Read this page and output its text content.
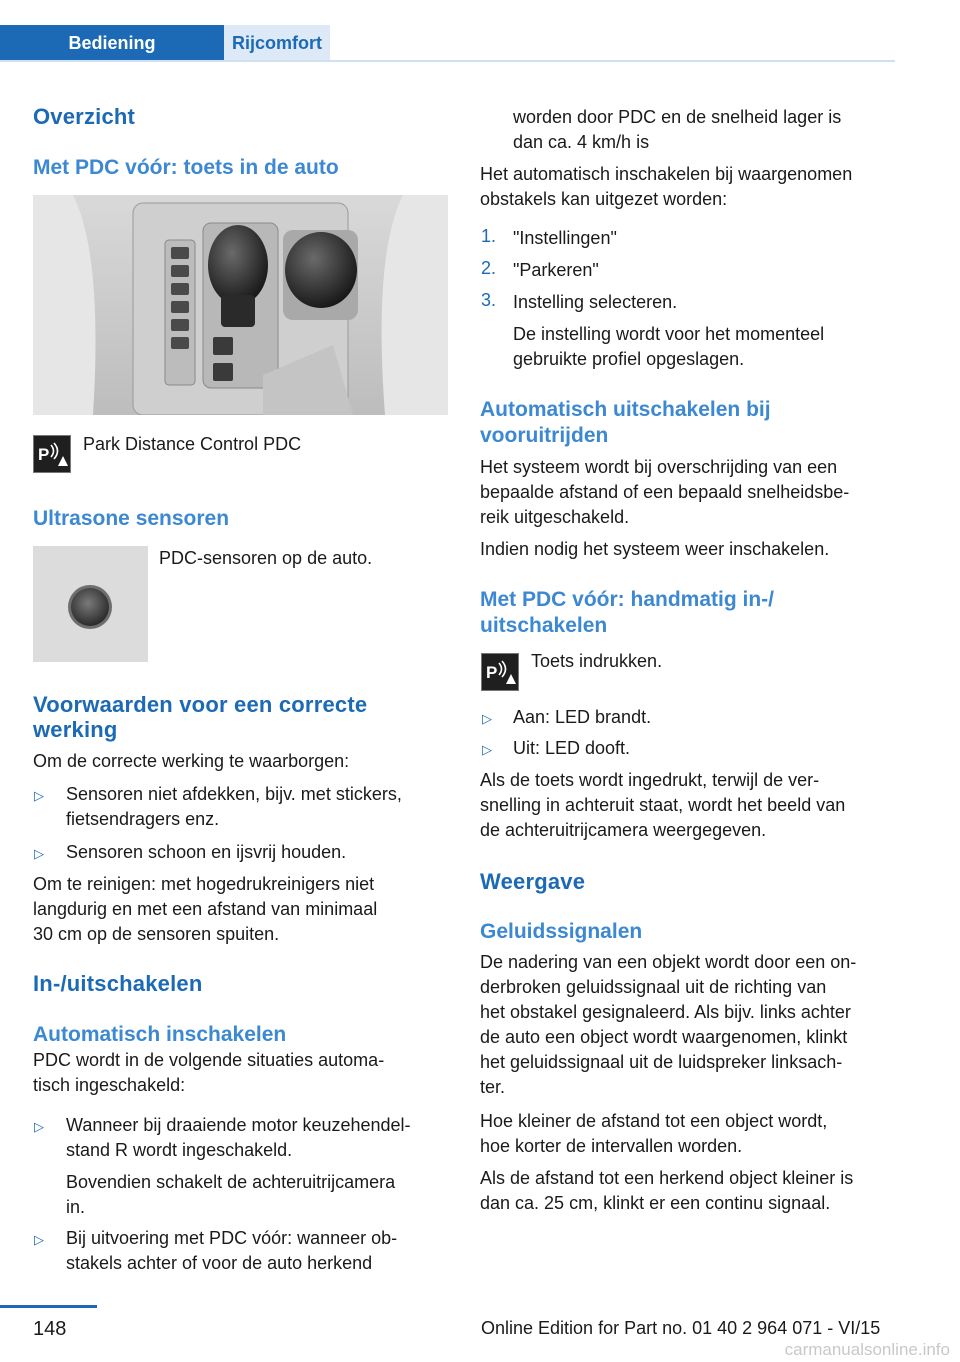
Bediening	Rijcomfort
Overzicht
Met PDC vóór: toets in de auto
P
Park Distance Control PDC
Ultrasone sensoren
PDC-sensoren op de auto.
Voorwaarden voor een correcte
werking
Om de correcte werking te waarborgen:
▷ Sensoren niet afdekken, bijv. met stickers,
fietsendragers enz.
▷ Sensoren schoon en ijsvrij houden.
Om te reinigen: met hogedrukreinigers niet
langdurig en met een afstand van minimaal
30 cm op de sensoren spuiten.
In-/uitschakelen
Automatisch inschakelen
PDC wordt in de volgende situaties automa-
tisch ingeschakeld:
▷ Wanneer bij draaiende motor keuzehendel-
stand R wordt ingeschakeld.
Bovendien schakelt de achteruitrijcamera
in.
▷ Bij uitvoering met PDC vóór: wanneer ob-
stakels achter of voor de auto herkend
worden door PDC en de snelheid lager is
dan ca. 4 km/h is
Het automatisch inschakelen bij waargenomen
obstakels kan uitgezet worden:
1. "Instellingen"
2. "Parkeren"
3. Instelling selecteren.
De instelling wordt voor het momenteel
gebruikte profiel opgeslagen.
Automatisch uitschakelen bij
vooruitrijden
Het systeem wordt bij overschrijding van een
bepaalde afstand of een bepaald snelheidsbe-
reik uitgeschakeld.
Indien nodig het systeem weer inschakelen.
Met PDC vóór: handmatig in-/
uitschakelen
P
Toets indrukken.
▷ Aan: LED brandt.
▷ Uit: LED dooft.
Als de toets wordt ingedrukt, terwijl de ver-
snelling in achteruit staat, wordt het beeld van
de achteruitrijcamera weergegeven.
Weergave
Geluidssignalen
De nadering van een objekt wordt door een on-
derbroken geluidssignaal uit de richting van
het obstakel gesignaleerd. Als bijv. links achter
de auto een object wordt waargenomen, klinkt
het geluidssignaal uit de luidspreker linksach-
ter.
Hoe kleiner de afstand tot een object wordt,
hoe korter de intervallen worden.
Als de afstand tot een herkend object kleiner is
dan ca. 25 cm, klinkt er een continu signaal.
148	Online Edition for Part no. 01 40 2 964 071 - VI/15
carmanualsonline.info
